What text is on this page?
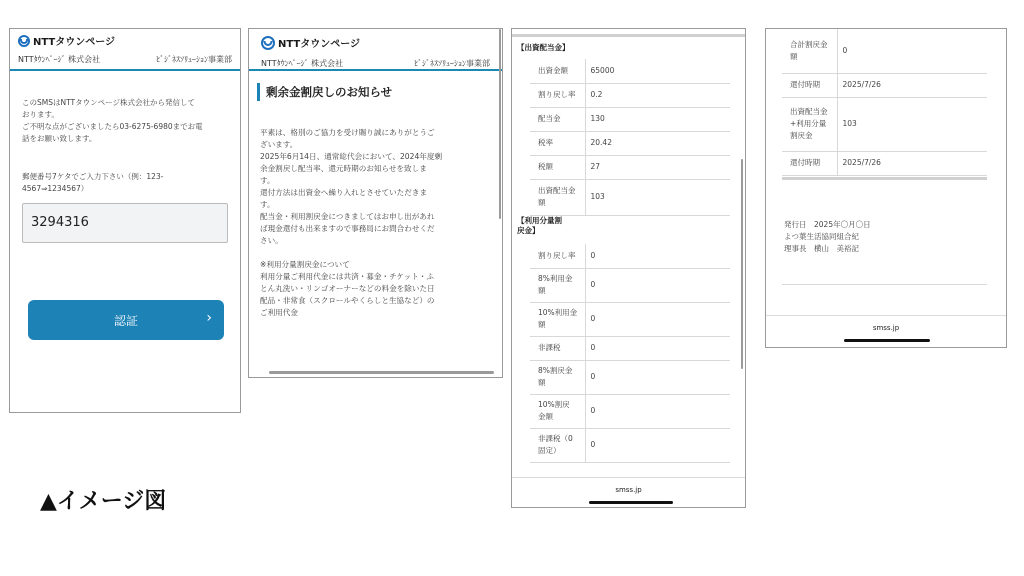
NTTタウンページ
NTTﾀｳﾝﾍﾟｰｼﾞ 株式会社	ﾋﾞｼﾞﾈｽｿﾘｭｰｼｮﾝ事業部
このSMSはNTTタウンページ株式会社から発信して
おります。
ご不明な点がございましたら03-6275-6980までお電
話をお願い致します。
郵便番号7ケタでご入力下さい（例：123-
4567⇒1234567）
3294316
認証	›
NTTタウンページ
NTTﾀｳﾝﾍﾟｰｼﾞ 株式会社	ﾋﾞｼﾞﾈｽｿﾘｭｰｼｮﾝ事業部
剰余金割戻しのお知らせ
平素は、格別のご協力を受け賜り誠にありがとうご
ざいます。
2025年6月14日、通常総代会において、2024年度剰
余金割戻し配当率、還元時期のお知らせを致しま
す。
還付方法は出資金へ繰り入れとさせていただきま
す。
配当金・利用割戻金につきましてはお申し出があれ
ば現金還付も出来ますので事務局にお問合わせくだ
さい。
※利用分量割戻金について
利用分量ご利用代金には共済・募金・チケット・ふ
とん丸洗い・リンゴオーナーなどの料金を除いた日
配品・非常食（スクロールやくらしと生協など）の
ご利用代金
【出資配当金】
出資金額	65000
割り戻し率	0.2
配当金	130
税率	20.42
税額	27

出資配当金
額	103
【利用分量割
戻金】
割り戻し率	0

8%利用金
額	0

10%利用金
額	0
非課税	0

8%割戻金
額	0

10%割戻
金額	0

非課税（0
固定）	0
smss.jp
合計割戻金
額	0
還付時期	2025/7/26

出資配当金
+利用分量
割戻金	103
還付時期	2025/7/26
発行日　2025年〇月〇日
よつ葉生活協同組合紀
理事長　横山　美裕記
smss.jp
▲イメージ図
